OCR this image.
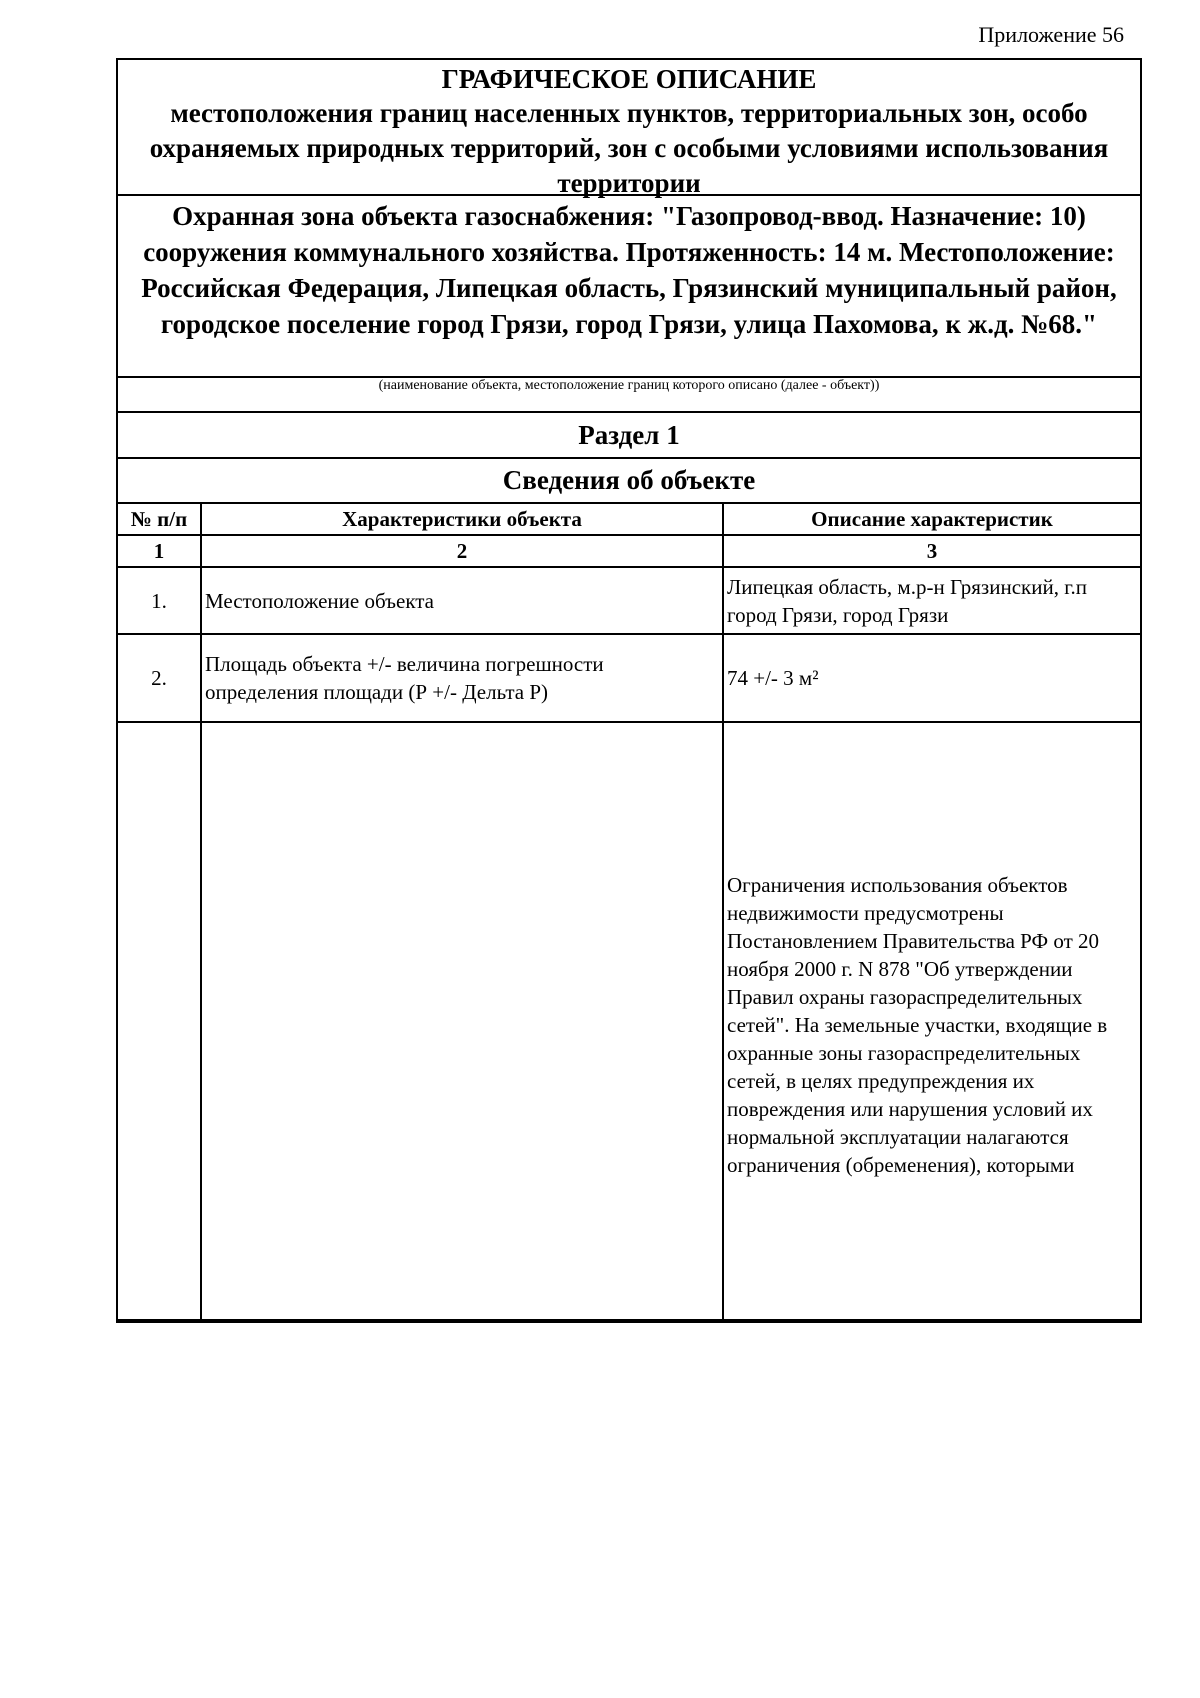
Приложение 56
ГРАФИЧЕСКОЕ ОПИСАНИЕ
местоположения границ населенных пунктов, территориальных зон, особо охраняемых природных территорий, зон с особыми условиями использования территории
Охранная зона объекта газоснабжения: "Газопровод-ввод. Назначение: 10) сооружения коммунального хозяйства. Протяженность: 14 м. Местоположение: Российская Федерация, Липецкая область, Грязинский муниципальный район, городское поселение город Грязи, город Грязи, улица Пахомова, к ж.д. №68."
(наименование объекта, местоположение границ которого описано (далее - объект))
Раздел 1
Сведения об объекте
№ п/п	Характеристики объекта	Описание характеристик
1	2	3
1.	Местоположение объекта	Липецкая область, м.р-н Грязинский, г.п город Грязи, город Грязи
2.	Площадь объекта +/- величина погрешности определения площади (Р +/- Дельта Р)	74 +/- 3 м²
		Ограничения использования объектов недвижимости предусмотрены Постановлением Правительства РФ от 20 ноября 2000 г. N 878 "Об утверждении Правил охраны газораспределительных сетей". На земельные участки, входящие в охранные зоны газораспределительных сетей, в целях предупреждения их повреждения или нарушения условий их нормальной эксплуатации налагаются ограничения (обременения), которыми
